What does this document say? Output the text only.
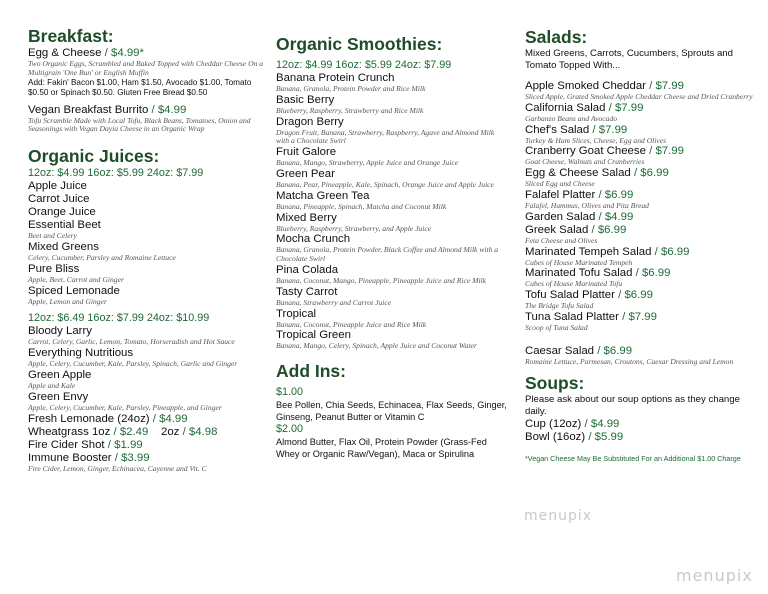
Breakfast:
Egg & Cheese / $4.99*
Two Organic Eggs, Scrambled and Baked Topped with Cheddar Cheese On a Multigrain 'One Bun' or English Muffin
Add: Fakin' Bacon $1.00, Ham $1.50, Avocado $1.00, Tomato $0.50 or Spinach $0.50. Gluten Free Bread $0.50
Vegan Breakfast Burrito / $4.99
Tofu Scramble Made with Local Tofu, Black Beans, Tomatoes, Onion and Seasonings with Vegan Dayia Cheese in an Organic Wrap
Organic Juices:
12oz: $4.99 16oz: $5.99 24oz: $7.99
Apple Juice
Carrot Juice
Orange Juice
Essential Beet
Beet and Celery
Mixed Greens
Celery, Cucumber, Parsley and Romaine Lettuce
Pure Bliss
Apple, Beet, Carrot and Ginger
Spiced Lemonade
Apple, Lemon and Ginger
12oz: $6.49 16oz: $7.99 24oz: $10.99
Bloody Larry
Carrot, Celery, Garlic, Lemon, Tomato, Horseradish and Hot Sauce
Everything Nutritious
Apple, Celery, Cucumber, Kale, Parsley, Spinach, Garlic and Ginger
Green Apple
Apple and Kale
Green Envy
Apple, Celery, Cucumber, Kale, Parsley, Pineapple, and Ginger
Fresh Lemonade (24oz) / $4.99
Wheatgrass 1oz / $2.49 2oz / $4.98
Fire Cider Shot / $1.99
Immune Booster / $3.99
Fire Cider, Lemon, Ginger, Echinacea, Cayenne and Vit. C
Organic Smoothies:
12oz: $4.99 16oz: $5.99 24oz: $7.99
Banana Protein Crunch
Banana, Granola, Protein Powder and Rice Milk
Basic Berry
Blueberry, Raspberry, Strawberry and Rice Milk
Dragon Berry
Dragon Fruit, Banana, Strawberry, Raspberry, Agave and Almond Milk with a Chocolate Swirl
Fruit Galore
Banana, Mango, Strawberry, Apple Juice and Orange Juice
Green Pear
Banana, Pear, Pineapple, Kale, Spinach, Orange Juice and Apple Juice
Matcha Green Tea
Banana, Pineapple, Spinach, Matcha and Coconut Milk
Mixed Berry
Blueberry, Raspberry, Strawberry, and Apple Juice
Mocha Crunch
Banana, Granola, Protein Powder, Black Coffee and Almond Milk with a Chocolate Swirl
Pina Colada
Banana, Coconut, Mango, Pineapple, Pineapple Juice and Rice Milk
Tasty Carrot
Banana, Strawberry and Carrot Juice
Tropical
Banana, Coconut, Pineapple Juice and Rice Milk
Tropical Green
Banana, Mango, Celery, Spinach, Apple Juice and Coconut Water
Add Ins:
$1.00
Bee Pollen, Chia Seeds, Echinacea, Flax Seeds, Ginger, Ginseng, Peanut Butter or Vitamin C
$2.00
Almond Butter, Flax Oil, Protein Powder (Grass-Fed Whey or Organic Raw/Vegan), Maca or Spirulina
Salads:
Mixed Greens, Carrots, Cucumbers, Sprouts and Tomato Topped With...
Apple Smoked Cheddar / $7.99
Sliced Apple, Grated Smoked Apple Cheddar Cheese and Dried Cranberry
California Salad / $7.99
Garbanzo Beans and Avocado
Chef's Salad / $7.99
Turkey & Ham Slices, Cheese, Egg and Olives
Cranberry Goat Cheese / $7.99
Goat Cheese, Walnuts and Cranberries
Egg & Cheese Salad / $6.99
Sliced Egg and Cheese
Falafel Platter / $6.99
Falafel, Hummus, Olives and Pita Bread
Garden Salad / $4.99
Greek Salad / $6.99
Feta Cheese and Olives
Marinated Tempeh Salad / $6.99
Cubes of House Marinated Tempeh
Marinated Tofu Salad / $6.99
Cubes of House Marinated Tofu
Tofu Salad Platter / $6.99
The Bridge Tofu Salad
Tuna Salad Platter / $7.99
Scoop of Tuna Salad
Caesar Salad / $6.99
Romaine Lettuce, Parmesan, Croutons, Caesar Dressing and Lemon
Soups:
Please ask about our soup options as they change daily.
Cup (12oz) / $4.99
Bowl (16oz) / $5.99
*Vegan Cheese May Be Substituted For an Additional $1.00 Charge
menupix
menupix
